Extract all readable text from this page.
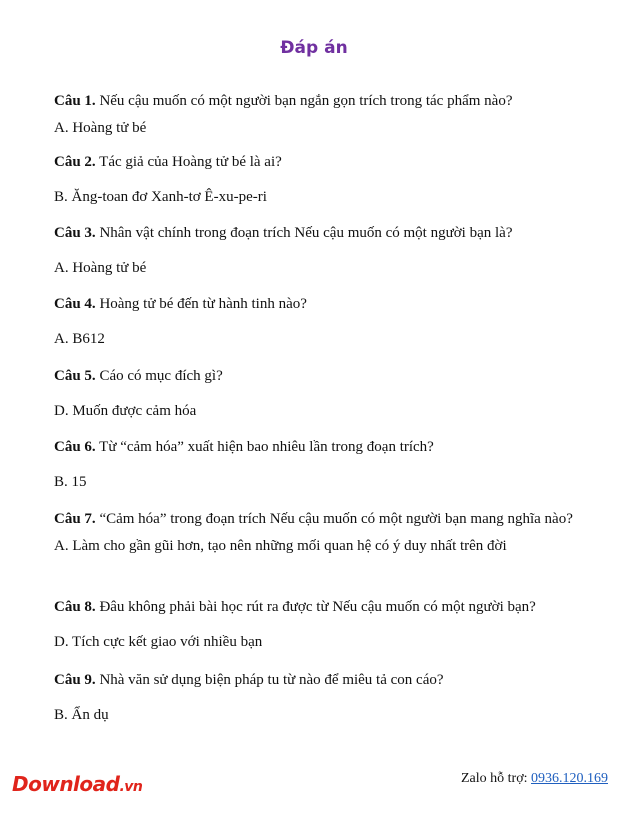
Đáp án

Câu 1. Nếu cậu muốn có một người bạn ngắn gọn trích trong tác phẩm nào?

A. Hoàng tử bé

Câu 2. Tác giả của Hoàng tử bé là ai?

B. Ăng-toan đơ Xanh-tơ Ê-xu-pe-ri

Câu 3. Nhân vật chính trong đoạn trích Nếu cậu muốn có một người bạn là?

A. Hoàng tử bé

Câu 4. Hoàng tử bé đến từ hành tinh nào?

A. B612

Câu 5. Cáo có mục đích gì?

D. Muốn được cảm hóa

Câu 6. Từ “cảm hóa” xuất hiện bao nhiêu lần trong đoạn trích?

B. 15

Câu 7. “Cảm hóa” trong đoạn trích Nếu cậu muốn có một người bạn mang nghĩa nào?

A. Làm cho gần gũi hơn, tạo nên những mối quan hệ có ý duy nhất trên đời

Câu 8. Đâu không phải bài học rút ra được từ Nếu cậu muốn có một người bạn?

D. Tích cực kết giao với nhiều bạn

Câu 9. Nhà văn sử dụng biện pháp tu từ nào để miêu tả con cáo?

B. Ẩn dụ

Download.vn
Zalo hỗ trợ: 0936.120.169
